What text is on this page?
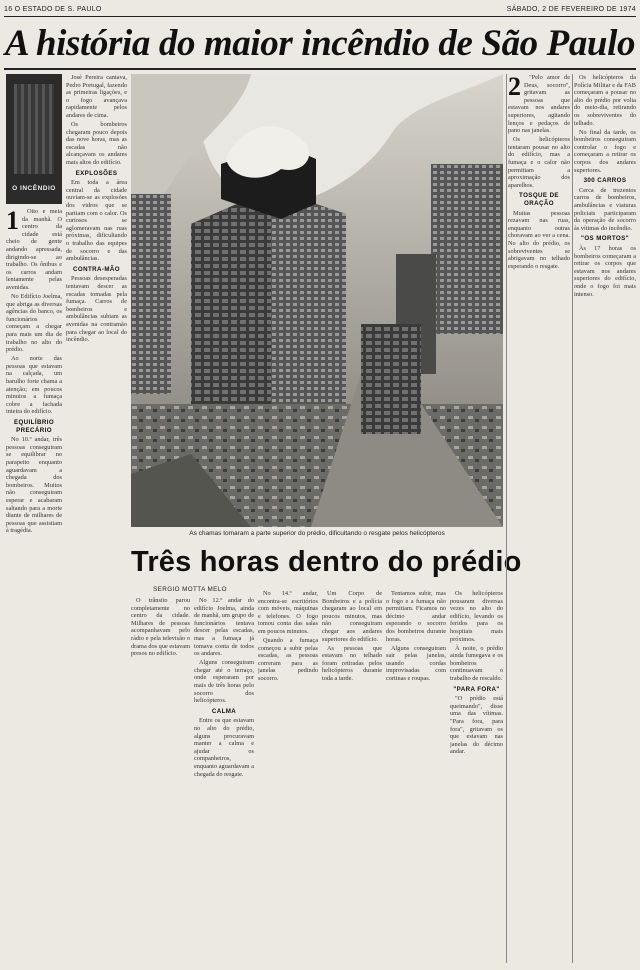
16 O ESTADO DE S. PAULO	SÁBADO, 2 DE FEVEREIRO DE 1974
A história do maior incêndio de São Paulo
O INCÊNDIO
1	Oito e meia da manhã. O centro da cidade está cheio de gente andando apressada, dirigindo-se ao trabalho. Os ônibus e os carros andam lentamente pelas avenidas.

No Edifício Joelma, que abriga as diversas agências do banco, os funcionários começam a chegar para mais um dia de trabalho no alto do prédio.

Ao norte das pessoas que estavam na calçada, um barulho forte chama a atenção; em poucos minutos a fumaça cobre a fachada inteira do edifício.

EQUILÍBRIO PRECÁRIO

No 10.º andar, três pessoas conseguiram se equilibrar no parapeito enquanto aguardavam a chegada dos bombeiros. Muitos não conseguiram esperar e acabaram saltando para a morte diante de milhares de pessoas que assistiam à tragédia.

José Pereira cantava, Pedro Portugal, fazendo as primeiras ligações, e o fogo avançava rapidamente pelos andares de cima.

Os bombeiros chegaram pouco depois das nove horas, mas as escadas não alcançavam os andares mais altos do edifício.

EXPLOSÕES

Em toda a área central da cidade ouviam-se as explosões dos vidros que se partiam com o calor. Os curiosos se aglomeravam nas ruas próximas, dificultando o trabalho das equipes de socorro e das ambulâncias.

CONTRA-MÃO

Pessoas desesperadas tentavam descer as escadas tomadas pela fumaça. Carros de bombeiros e ambulâncias subiam as avenidas na contramão para chegar ao local do incêndio.

As chamas tomaram a parte superior do prédio, dificultando o resgate pelos helicópteros
Três horas dentro do prédio
SERGIO MOTTA MELO

O trânsito parou completamente no centro da cidade. Milhares de pessoas acompanhavam pelo rádio e pela televisão o drama dos que estavam presos no edifício.

No 12.º andar do edifício Joelma, ainda de manhã, um grupo de funcionários tentava descer pelas escadas, mas a fumaça já tomava conta de todos os andares.

Alguns conseguiram chegar até o terraço, onde esperaram por mais de três horas pelo socorro dos helicópteros.

CALMA

Entre os que estavam no alto do prédio, alguns procuravam manter a calma e ajudar os companheiros, enquanto aguardavam a chegada do resgate.

No 14.º andar, encontra-se escritórios com móveis, máquinas e telefones. O fogo tomou conta das salas em poucos minutos.

Quando a fumaça começou a subir pelas escadas, as pessoas correram para as janelas pedindo socorro.

Um Corpo de Bombeiros e a polícia chegaram ao local em poucos minutos, mas não conseguiram chegar aos andares superiores do edifício.

As pessoas que estavam no telhado foram retiradas pelos helicópteros durante toda a tarde.

Tentamos subir, mas o fogo e a fumaça não permitiam. Ficamos no décimo andar esperando o socorro dos bombeiros durante horas.

Alguns conseguiram sair pelas janelas, usando cordas improvisadas com cortinas e roupas.

2	"Pelo amor de Deus, socorro", gritavam as pessoas que estavam nos andares superiores, agitando lenços e pedaços de pano nas janelas.

Os helicópteros tentaram pousar no alto do edifício, mas a fumaça e o calor não permitiam a aproximação dos aparelhos.

TOSQUE DE ORAÇÃO

Muitas pessoas rezavam nas ruas, enquanto outras choravam ao ver a cena. No alto do prédio, os sobreviventes se abrigavam no telhado esperando o resgate.

Os helicópteros pousaram diversas vezes no alto do edifício, levando os feridos para os hospitais mais próximos.

À noite, o prédio ainda fumegava e os bombeiros continuavam o trabalho de rescaldo.

"PARA FORA"

"O prédio está queimando", disse uma das vítimas. "Para fora, para fora", gritavam os que estavam nas janelas do décimo andar.

Os helicópteros da Polícia Militar e da FAB começaram a pousar no alto do prédio por volta do meio-dia, retirando os sobreviventes do telhado.

No final da tarde, os bombeiros conseguiram controlar o fogo e começaram a retirar os corpos dos andares superiores.

300 CARROS

Cerca de trezentos carros de bombeiros, ambulâncias e viaturas policiais participaram da operação de socorro às vítimas do incêndio.

"OS MORTOS"

Às 17 horas os bombeiros começaram a retirar os corpos que estavam nos andares superiores do edifício, onde o fogo foi mais intenso.
